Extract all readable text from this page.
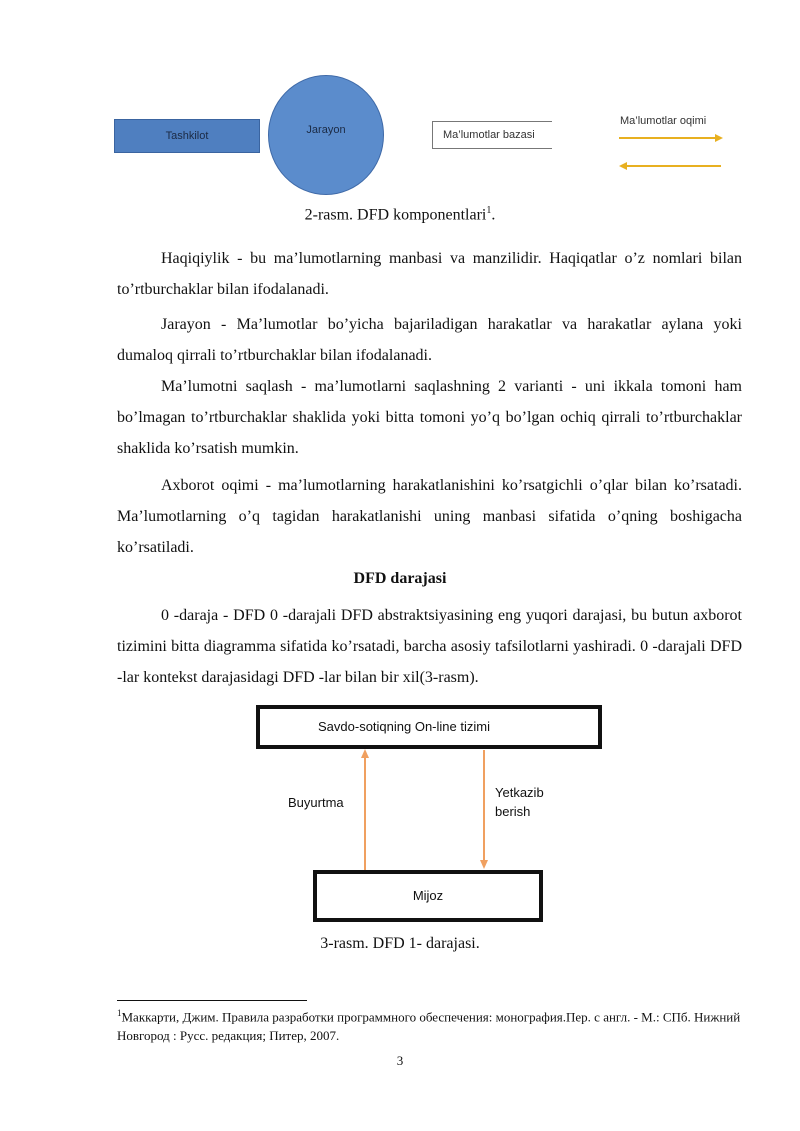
Tashkilot	Jarayon	Ma’lumotlar bazasi
Ma’lumotlar oqimi
2-rasm. DFD komponentlari$^1$.

Haqiqiylik - bu ma’lumotlarning manbasi va manzilidir. Haqiqatlar o’z nomlari bilan to’rtburchaklar bilan ifodalanadi.

Jarayon - Ma’lumotlar bo’yicha bajariladigan harakatlar va harakatlar aylana yoki dumaloq qirrali to’rtburchaklar bilan ifodalanadi.

Ma’lumotni saqlash - ma’lumotlarni saqlashning 2 varianti - uni ikkala tomoni ham bo’lmagan to’rtburchaklar shaklida yoki bitta tomoni yo’q bo’lgan ochiq qirrali to’rtburchaklar shaklida ko’rsatish mumkin.

Axborot oqimi - ma’lumotlarning harakatlanishini ko’rsatgichli o’qlar bilan ko’rsatadi. Ma’lumotlarning o’q tagidan harakatlanishi uning manbasi sifatida o’qning boshigacha ko’rsatiladi.

DFD darajasi

0 -daraja - DFD 0 -darajali DFD abstraktsiyasining eng yuqori darajasi, bu butun axborot tizimini bitta diagramma sifatida ko’rsatadi, barcha asosiy tafsilotlarni yashiradi. 0 -darajali DFD -lar kontekst darajasidagi DFD -lar bilan bir xil(3-rasm).

Savdo-sotiqning On-line tizimi
Buyurtma
Yetkazib
berish
Mijoz
3-rasm. DFD 1- darajasi.
$^1$Маккарти, Джим. Правила разработки программного обеспечения: монография.Пер. с англ. - М.: СПб. Нижний Новгород : Русс. редакция; Питер, 2007.
3
